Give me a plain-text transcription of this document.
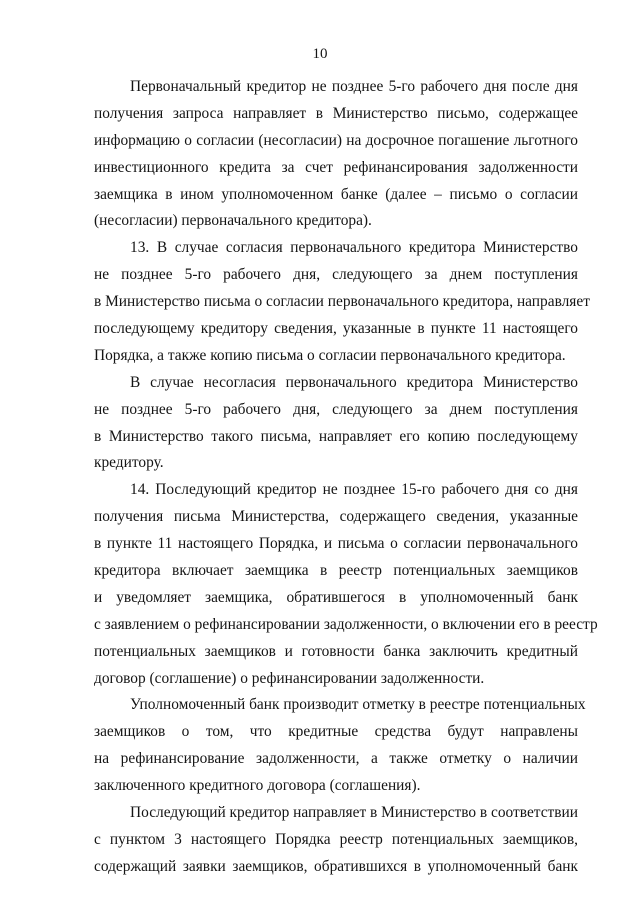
10
Первоначальный кредитор не позднее 5-го рабочего дня после дня
получения запроса направляет в Министерство письмо, содержащее
информацию о согласии (несогласии) на досрочное погашение льготного
инвестиционного кредита за счет рефинансирования задолженности
заемщика в ином уполномоченном банке (далее – письмо о согласии
(несогласии) первоначального кредитора).
13. В случае согласия первоначального кредитора Министерство
не позднее 5-го рабочего дня, следующего за днем поступления
в Министерство письма о согласии первоначального кредитора, направляет
последующему кредитору сведения, указанные в пункте 11 настоящего
Порядка, а также копию письма о согласии первоначального кредитора.
В случае несогласия первоначального кредитора Министерство
не позднее 5-го рабочего дня, следующего за днем поступления
в Министерство такого письма, направляет его копию последующему
кредитору.
14. Последующий кредитор не позднее 15-го рабочего дня со дня
получения письма Министерства, содержащего сведения, указанные
в пункте 11 настоящего Порядка, и письма о согласии первоначального
кредитора включает заемщика в реестр потенциальных заемщиков
и уведомляет заемщика, обратившегося в уполномоченный банк
с заявлением о рефинансировании задолженности, о включении его в реестр
потенциальных заемщиков и готовности банка заключить кредитный
договор (соглашение) о рефинансировании задолженности.
Уполномоченный банк производит отметку в реестре потенциальных
заемщиков о том, что кредитные средства будут направлены
на рефинансирование задолженности, а также отметку о наличии
заключенного кредитного договора (соглашения).
Последующий кредитор направляет в Министерство в соответствии
с пунктом 3 настоящего Порядка реестр потенциальных заемщиков,
содержащий заявки заемщиков, обратившихся в уполномоченный банк
